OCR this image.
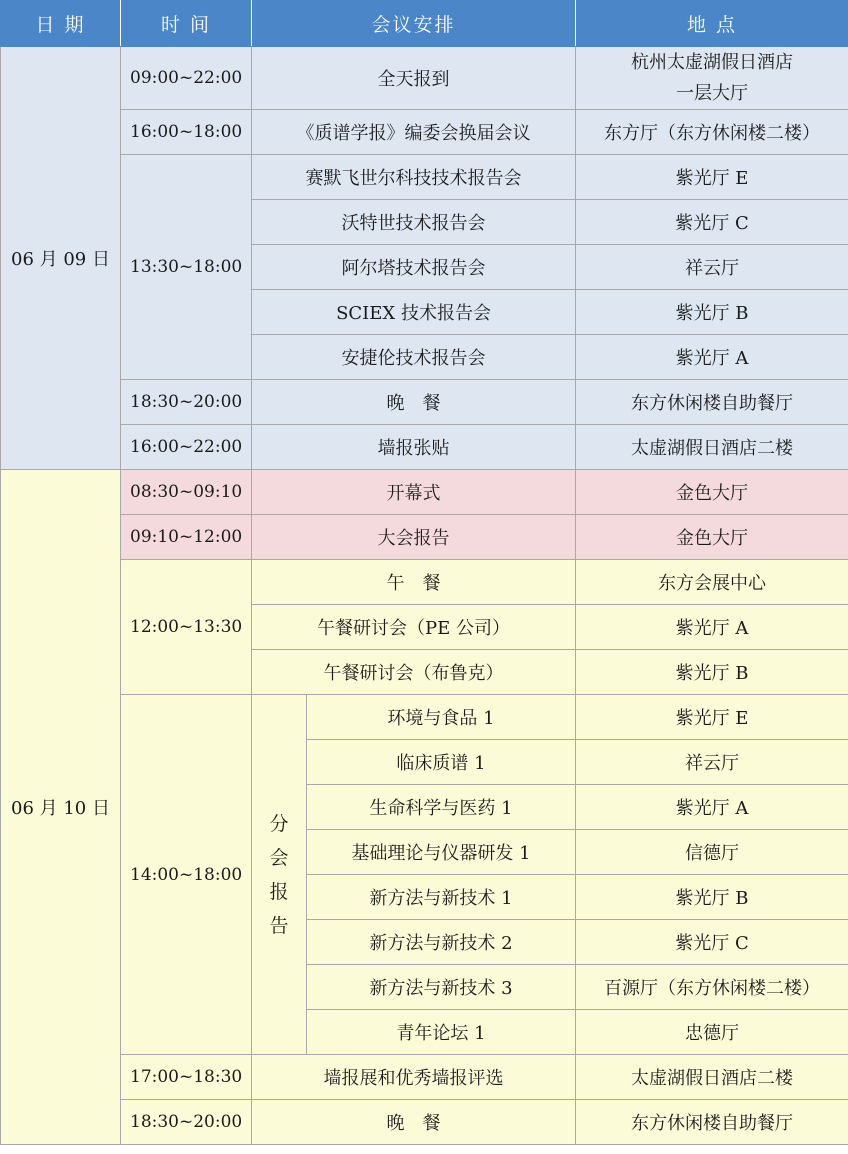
日 期	时 间	会议安排		地 点
06 月 09 日	09:00~22:00	全天报到		杭州太虚湖假日酒店
一层大厅

	16:00~18:00	《质谱学报》编委会换届会议		东方厅（东方休闲楼二楼）
	13:30~18:00	赛默飞世尔科技技术报告会		紫光厅 E
		沃特世技术报告会		紫光厅 C
		阿尔塔技术报告会		祥云厅
		SCIEX 技术报告会		紫光厅 B
		安捷伦技术报告会		紫光厅 A
	18:30~20:00	晚　餐		东方休闲楼自助餐厅
	16:00~22:00	墙报张贴		太虚湖假日酒店二楼
06 月 10 日	08:30~09:10	开幕式		金色大厅
	09:10~12:00	大会报告		金色大厅
	12:00~13:30	午　餐		东方会展中心
		午餐研讨会（PE 公司）		紫光厅 A
		午餐研讨会（布鲁克）		紫光厅 B
	14:00~18:00	分
会
报
告	环境与食品 1	紫光厅 E
			临床质谱 1	祥云厅
			生命科学与医药 1	紫光厅 A
			基础理论与仪器研发 1	信德厅
			新方法与新技术 1	紫光厅 B
			新方法与新技术 2	紫光厅 C
			新方法与新技术 3	百源厅（东方休闲楼二楼）
			青年论坛 1	忠德厅
	17:00~18:30	墙报展和优秀墙报评选		太虚湖假日酒店二楼
	18:30~20:00	晚　餐		东方休闲楼自助餐厅
